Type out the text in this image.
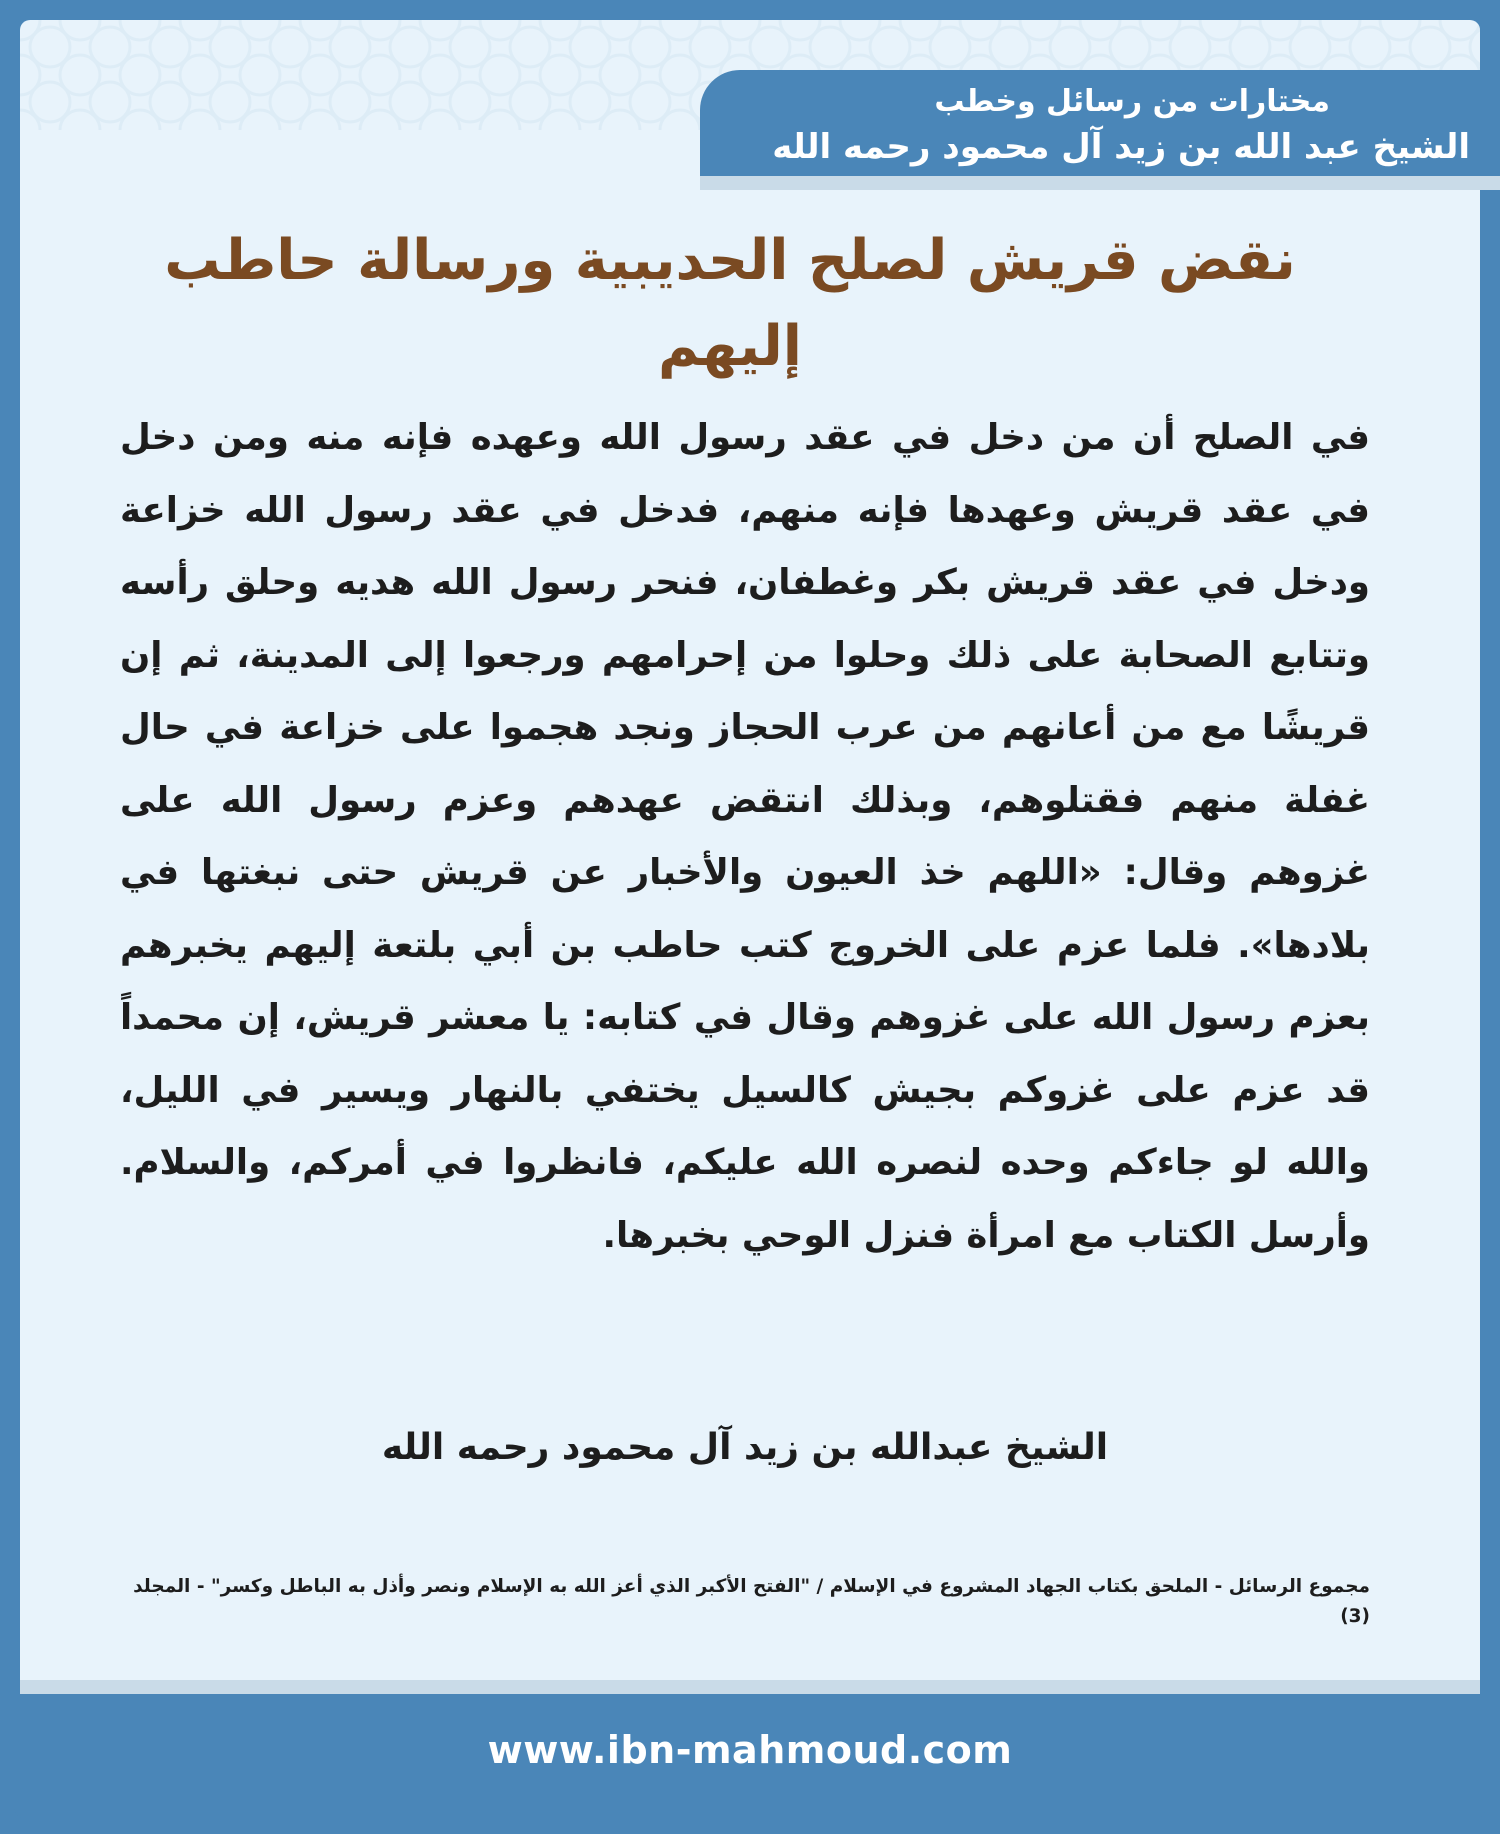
مختارات من رسائل وخطب
الشيخ عبد الله بن زيد آل محمود رحمه الله
نقض قريش لصلح الحديبية ورسالة حاطب إليهم
في الصلح أن من دخل في عقد رسول الله وعهده فإنه منه ومن دخل في عقد قريش وعهدها فإنه منهم، فدخل في عقد رسول الله خزاعة ودخل في عقد قريش بكر وغطفان، فنحر رسول الله هديه وحلق رأسه وتتابع الصحابة على ذلك وحلوا من إحرامهم ورجعوا إلى المدينة، ثم إن قريشًا مع من أعانهم من عرب الحجاز ونجد هجموا على خزاعة في حال غفلة منهم فقتلوهم، وبذلك انتقض عهدهم وعزم رسول الله على غزوهم وقال: «اللهم خذ العيون والأخبار عن قريش حتى نبغتها في بلادها». فلما عزم على الخروج كتب حاطب بن أبي بلتعة إليهم يخبرهم بعزم رسول الله على غزوهم وقال في كتابه: يا معشر قريش، إن محمداً قد عزم على غزوكم بجيش كالسيل يختفي بالنهار ويسير في الليل، والله لو جاءكم وحده لنصره الله عليكم، فانظروا في أمركم، والسلام. وأرسل الكتاب مع امرأة فنزل الوحي بخبرها.
الشيخ عبدالله بن زيد آل محمود رحمه الله
مجموع الرسائل - الملحق بكتاب الجهاد المشروع في الإسلام / "الفتح الأكبر الذي أعز الله به الإسلام ونصر وأذل به الباطل وكسر" - المجلد (3)
www.ibn-mahmoud.com
